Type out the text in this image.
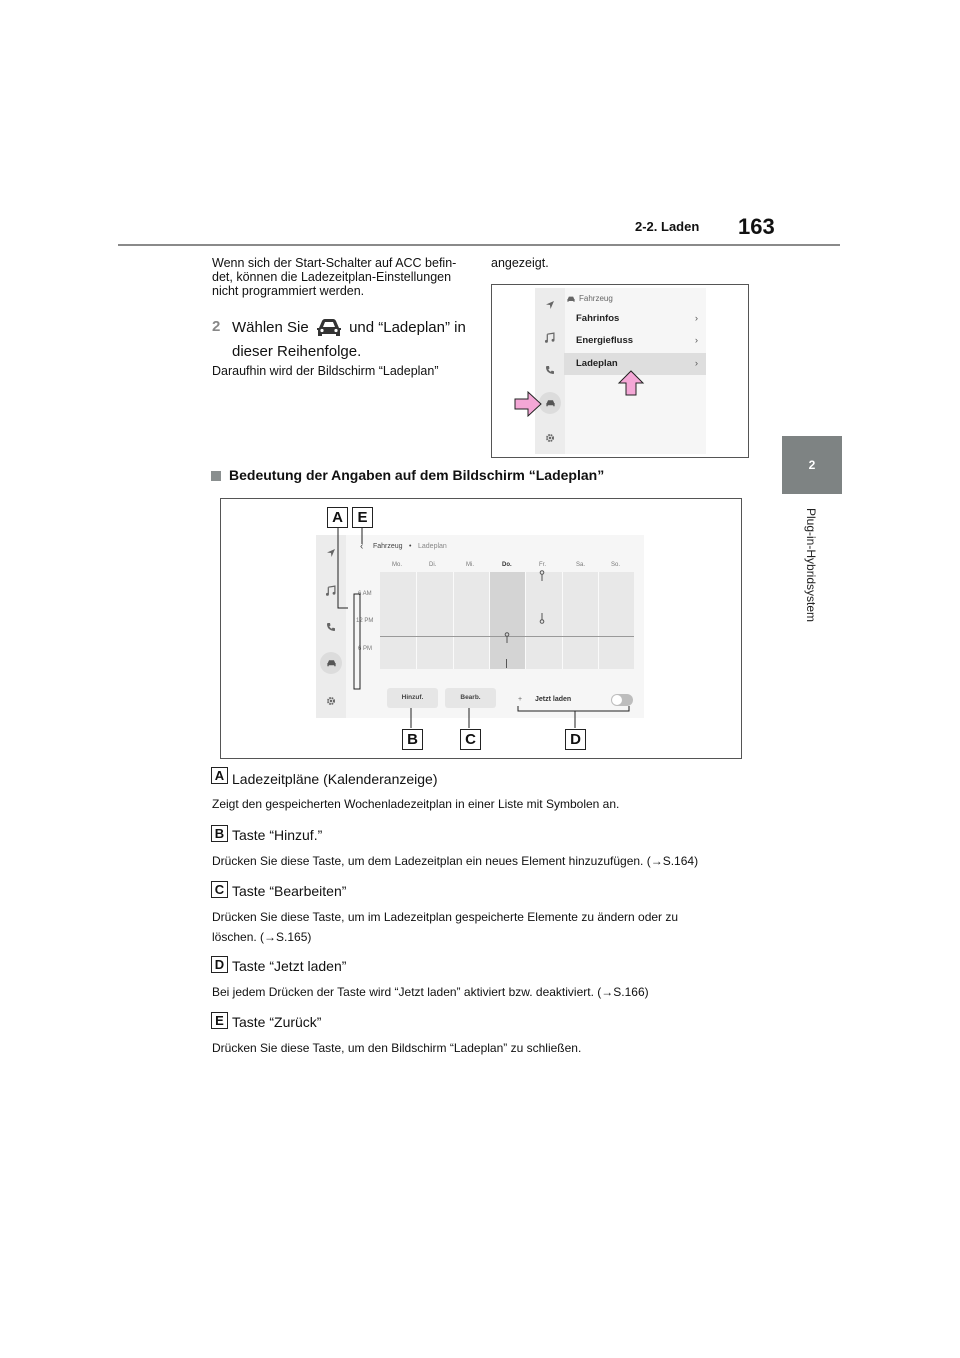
2-2. Laden 163
2
Plug-in-Hybridsystem
Wenn sich der Start-Schalter auf ACC befin-
det, können die Ladezeitplan-Einstellungen
nicht programmiert werden.
2 Wählen Sie	und “Ladeplan” in
dieser Reihenfolge.
Daraufhin wird der Bildschirm “Ladeplan”
angezeigt.
Fahrzeug
Fahrinfos	›
Energiefluss	›
Ladeplan	›
Bedeutung der Angaben auf dem Bildschirm “Ladeplan”
‹ Fahrzeug • Ladeplan
Mo.	Di.	Mi.	Do.	Fr.	Sa.	So.
6 AM
12 PM
6 PM
Hinzuf.	Bearb.	+ Jetzt laden
A E
B	C	D
A Ladezeitpläne (Kalenderanzeige)
Zeigt den gespeicherten Wochenladezeitplan in einer Liste mit Symbolen an.
B Taste “Hinzuf.”
Drücken Sie diese Taste, um dem Ladezeitplan ein neues Element hinzuzufügen. (→S.164)
C Taste “Bearbeiten”
Drücken Sie diese Taste, um im Ladezeitplan gespeicherte Elemente zu ändern oder zu
löschen. (→S.165)
D Taste “Jetzt laden”
Bei jedem Drücken der Taste wird “Jetzt laden” aktiviert bzw. deaktiviert. (→S.166)
E Taste “Zurück”
Drücken Sie diese Taste, um den Bildschirm “Ladeplan” zu schließen.
